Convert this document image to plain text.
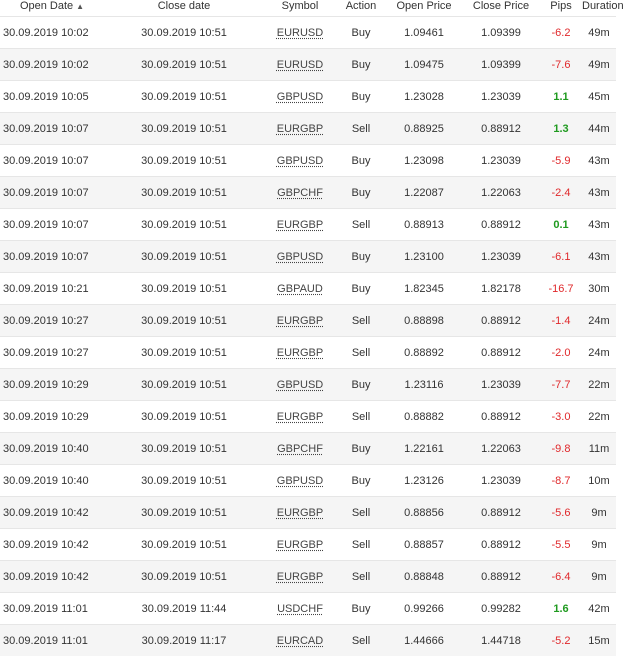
Open Date ▲	Close date	Symbol	Action	Open Price	Close Price	Pips	Duration
30.09.2019 10:02	30.09.2019 10:51	EURUSD	Buy	1.09461	1.09399	-6.2	49m
30.09.2019 10:02	30.09.2019 10:51	EURUSD	Buy	1.09475	1.09399	-7.6	49m
30.09.2019 10:05	30.09.2019 10:51	GBPUSD	Buy	1.23028	1.23039	1.1	45m
30.09.2019 10:07	30.09.2019 10:51	EURGBP	Sell	0.88925	0.88912	1.3	44m
30.09.2019 10:07	30.09.2019 10:51	GBPUSD	Buy	1.23098	1.23039	-5.9	43m
30.09.2019 10:07	30.09.2019 10:51	GBPCHF	Buy	1.22087	1.22063	-2.4	43m
30.09.2019 10:07	30.09.2019 10:51	EURGBP	Sell	0.88913	0.88912	0.1	43m
30.09.2019 10:07	30.09.2019 10:51	GBPUSD	Buy	1.23100	1.23039	-6.1	43m
30.09.2019 10:21	30.09.2019 10:51	GBPAUD	Buy	1.82345	1.82178	-16.7	30m
30.09.2019 10:27	30.09.2019 10:51	EURGBP	Sell	0.88898	0.88912	-1.4	24m
30.09.2019 10:27	30.09.2019 10:51	EURGBP	Sell	0.88892	0.88912	-2.0	24m
30.09.2019 10:29	30.09.2019 10:51	GBPUSD	Buy	1.23116	1.23039	-7.7	22m
30.09.2019 10:29	30.09.2019 10:51	EURGBP	Sell	0.88882	0.88912	-3.0	22m
30.09.2019 10:40	30.09.2019 10:51	GBPCHF	Buy	1.22161	1.22063	-9.8	11m
30.09.2019 10:40	30.09.2019 10:51	GBPUSD	Buy	1.23126	1.23039	-8.7	10m
30.09.2019 10:42	30.09.2019 10:51	EURGBP	Sell	0.88856	0.88912	-5.6	9m
30.09.2019 10:42	30.09.2019 10:51	EURGBP	Sell	0.88857	0.88912	-5.5	9m
30.09.2019 10:42	30.09.2019 10:51	EURGBP	Sell	0.88848	0.88912	-6.4	9m
30.09.2019 11:01	30.09.2019 11:44	USDCHF	Buy	0.99266	0.99282	1.6	42m
30.09.2019 11:01	30.09.2019 11:17	EURCAD	Sell	1.44666	1.44718	-5.2	15m
